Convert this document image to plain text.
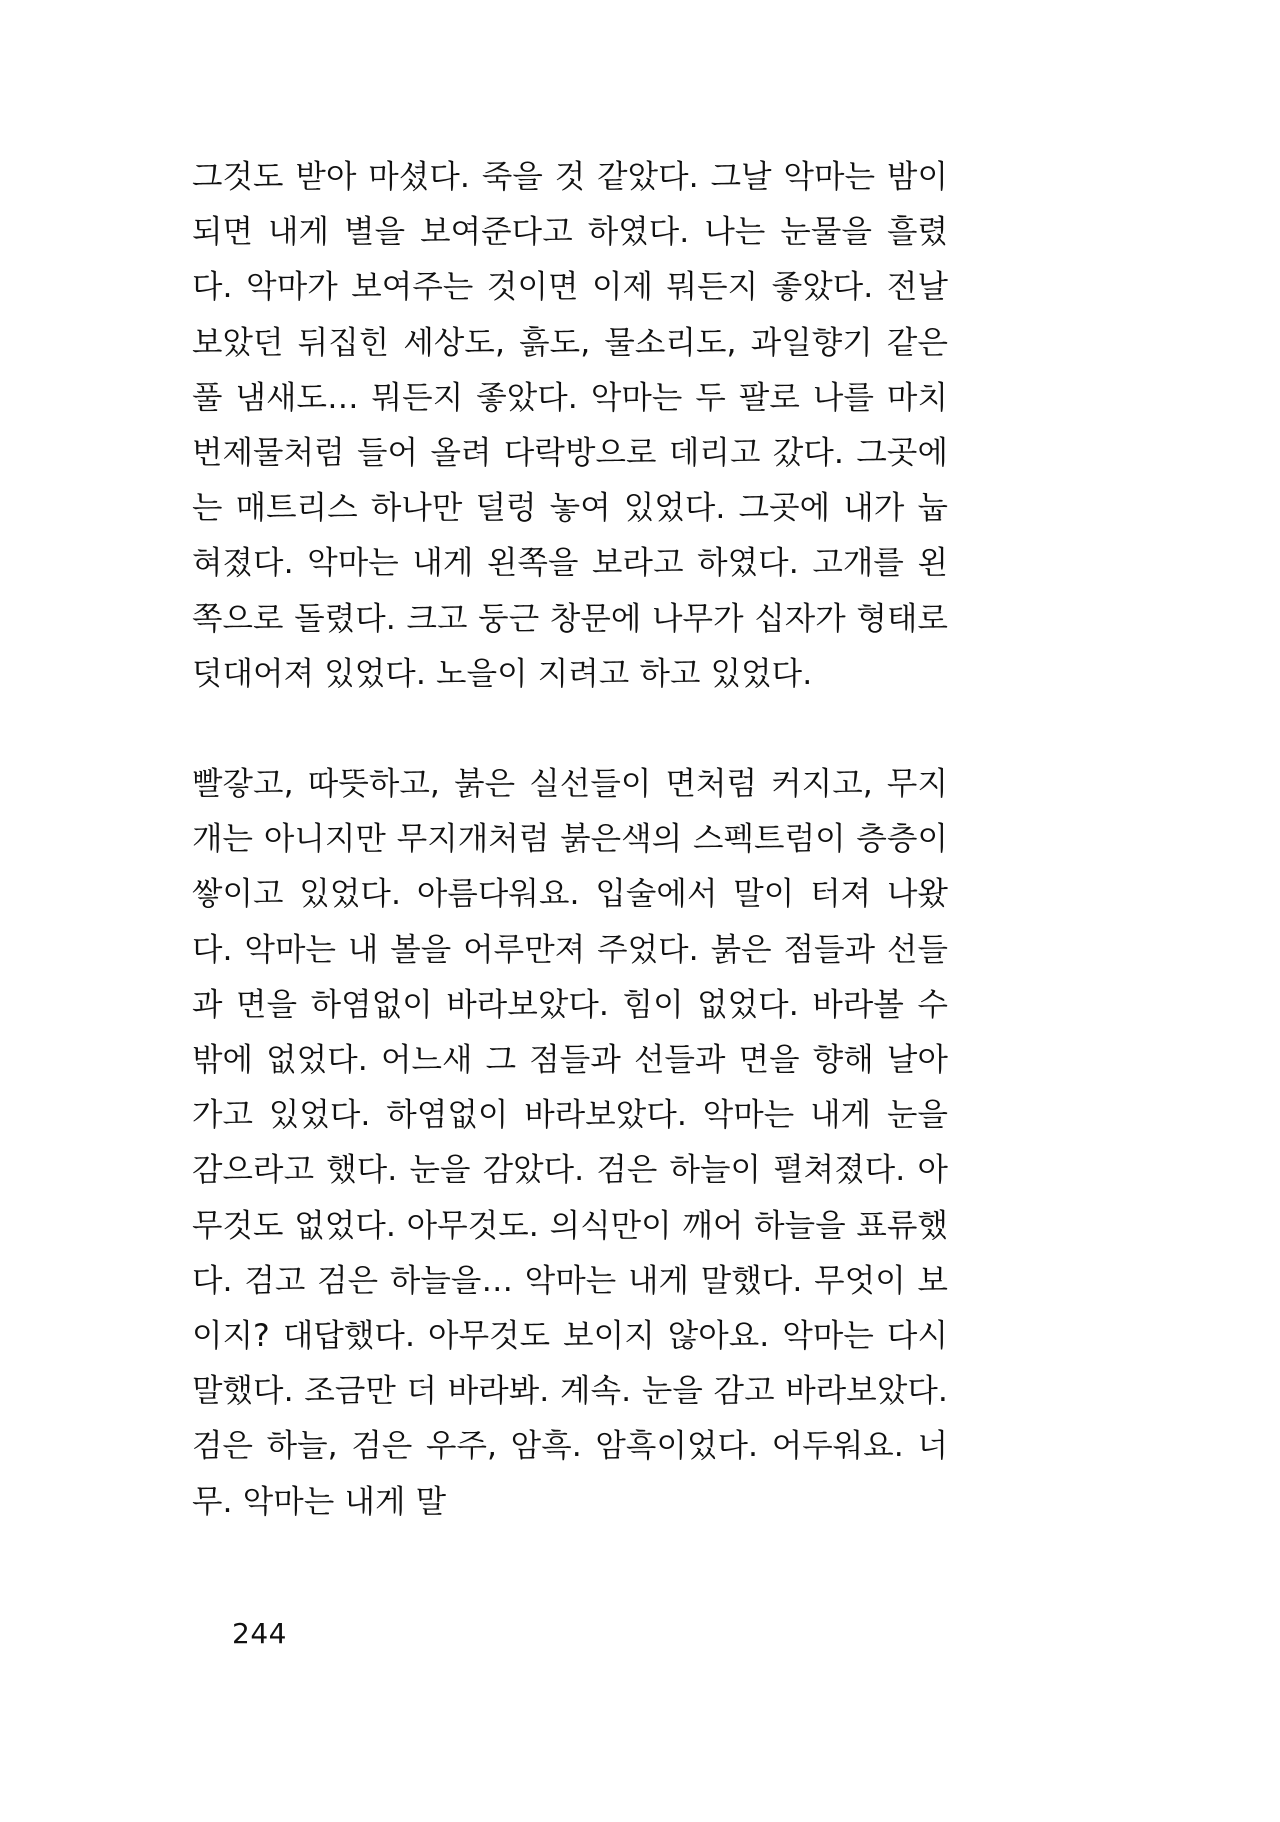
그것도 받아 마셨다. 죽을 것 같았다. 그날 악마는 밤이 되면 내게 별을 보여준다고 하였다. 나는 눈물을 흘렸다. 악마가 보여주는 것이면 이제 뭐든지 좋았다. 전날 보았던 뒤집힌 세상도, 흙도, 물소리도, 과일향기 같은 풀 냄새도… 뭐든지 좋았다. 악마는 두 팔로 나를 마치 번제물처럼 들어 올려 다락방으로 데리고 갔다. 그곳에는 매트리스 하나만 덜렁 놓여 있었다. 그곳에 내가 눕혀졌다. 악마는 내게 왼쪽을 보라고 하였다. 고개를 왼쪽으로 돌렸다. 크고 둥근 창문에 나무가 십자가 형태로 덧대어져 있었다. 노을이 지려고 하고 있었다.

빨갛고, 따뜻하고, 붉은 실선들이 면처럼 커지고, 무지개는 아니지만 무지개처럼 붉은색의 스펙트럼이 층층이 쌓이고 있었다. 아름다워요. 입술에서 말이 터져 나왔다. 악마는 내 볼을 어루만져 주었다. 붉은 점들과 선들과 면을 하염없이 바라보았다. 힘이 없었다. 바라볼 수밖에 없었다. 어느새 그 점들과 선들과 면을 향해 날아가고 있었다. 하염없이 바라보았다. 악마는 내게 눈을 감으라고 했다. 눈을 감았다. 검은 하늘이 펼쳐졌다. 아무것도 없었다. 아무것도. 의식만이 깨어 하늘을 표류했다. 검고 검은 하늘을… 악마는 내게 말했다. 무엇이 보이지? 대답했다. 아무것도 보이지 않아요. 악마는 다시 말했다. 조금만 더 바라봐. 계속. 눈을 감고 바라보았다. 검은 하늘, 검은 우주, 암흑. 암흑이었다. 어두워요. 너무. 악마는 내게 말

244
